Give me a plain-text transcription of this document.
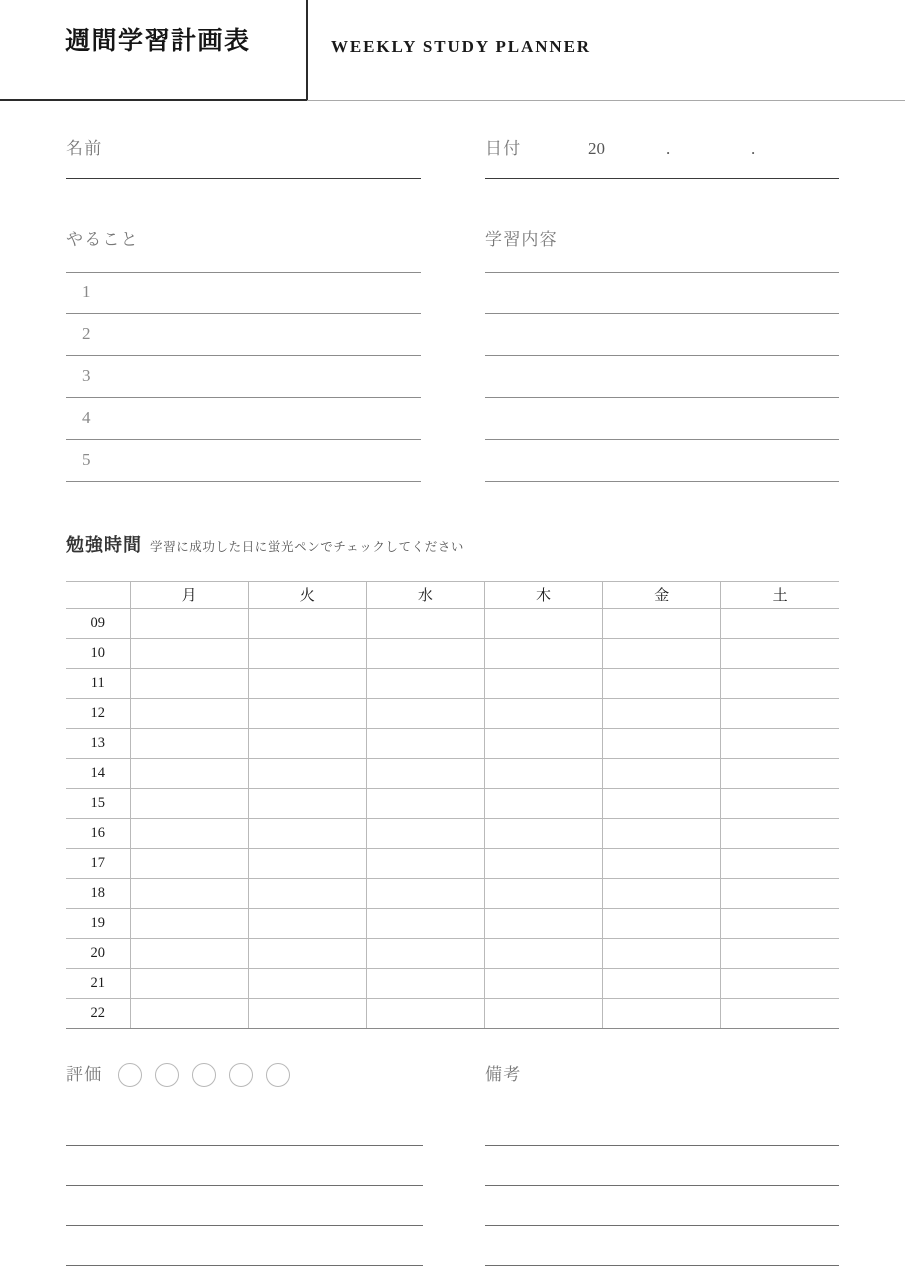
週間学習計画表	WEEKLY STUDY PLANNER
名前	日付	20	.	.
やること
1
2
3
4
5
学習内容
勉強時間 学習に成功した日に蛍光ペンでチェックしてください
	月	火	水	木	金	土
09						
10						
11						
12						
13						
14						
15						
16						
17						
18						
19						
20						
21						
22						
評価
	備考
